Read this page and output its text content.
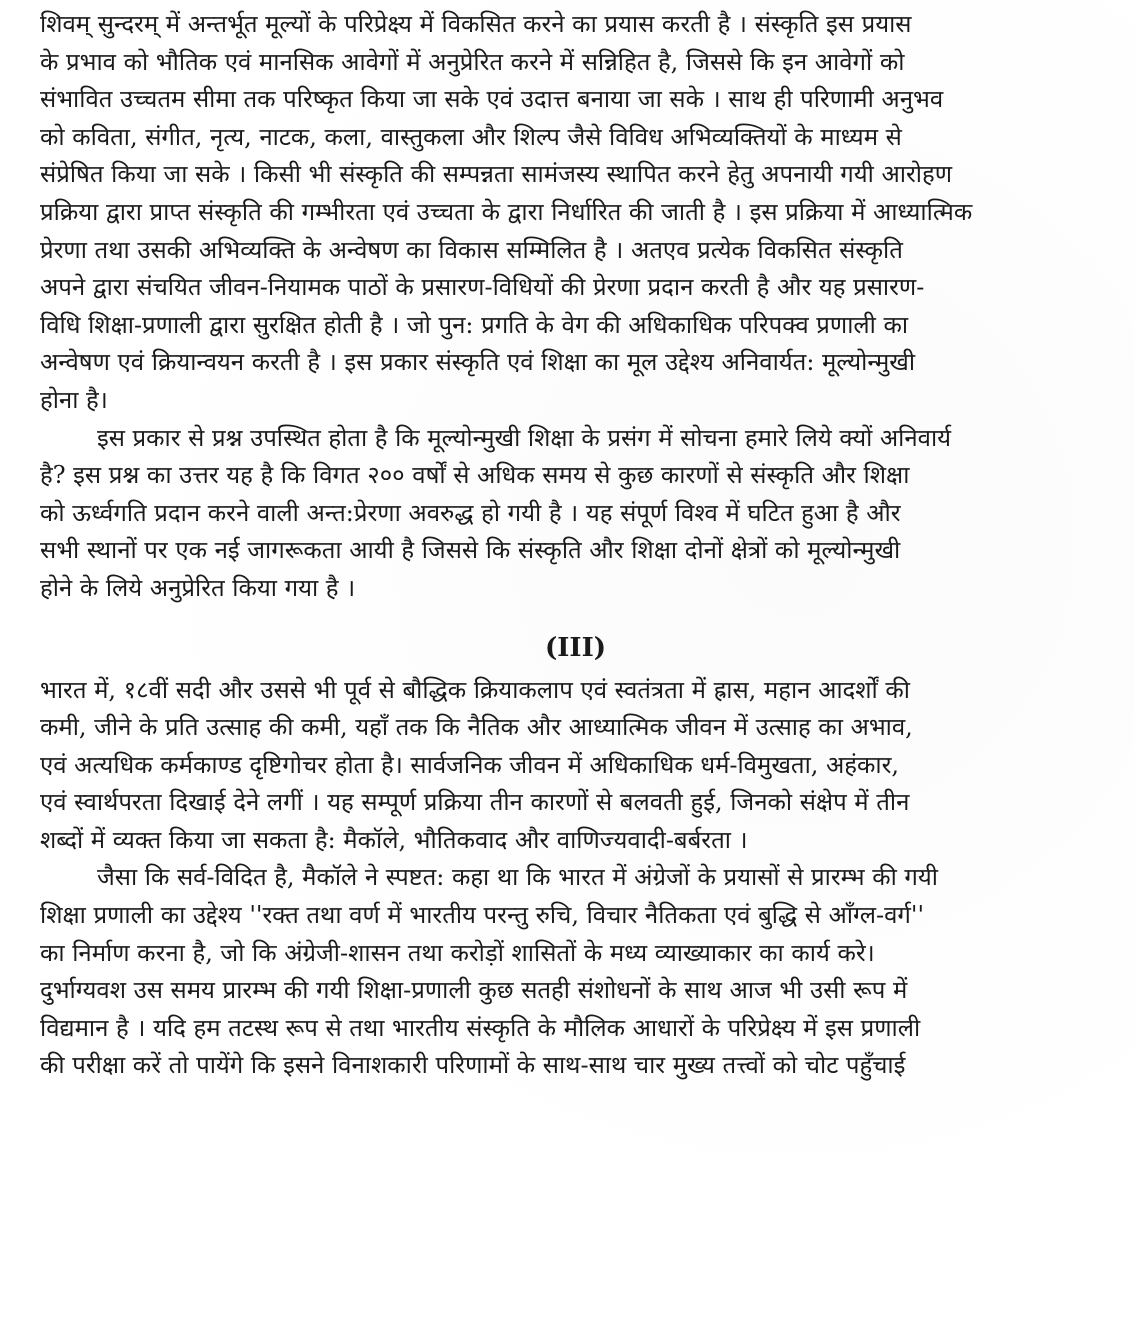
शिवम् सुन्दरम् में अन्तर्भूत मूल्यों के परिप्रेक्ष्य में विकसित करने का प्रयास करती है । संस्कृति इस प्रयास
के प्रभाव को भौतिक एवं मानसिक आवेगों में अनुप्रेरित करने में सन्निहित है, जिससे कि इन आवेगों को
संभावित उच्चतम सीमा तक परिष्कृत किया जा सके एवं उदात्त बनाया जा सके । साथ ही परिणामी अनुभव
को कविता, संगीत, नृत्य, नाटक, कला, वास्तुकला और शिल्प जैसे विविध अभिव्यक्तियों के माध्यम से
संप्रेषित किया जा सके । किसी भी संस्कृति की सम्पन्नता सामंजस्य स्थापित करने हेतु अपनायी गयी आरोहण
प्रक्रिया द्वारा प्राप्त संस्कृति की गम्भीरता एवं उच्चता के द्वारा निर्धारित की जाती है । इस प्रक्रिया में आध्यात्मिक
प्रेरणा तथा उसकी अभिव्यक्ति के अन्वेषण का विकास सम्मिलित है । अतएव प्रत्येक विकसित संस्कृति
अपने द्वारा संचयित जीवन-नियामक पाठों के प्रसारण-विधियों की प्रेरणा प्रदान करती है और यह प्रसारण-
विधि शिक्षा-प्रणाली द्वारा सुरक्षित होती है । जो पुन: प्रगति के वेग की अधिकाधिक परिपक्व प्रणाली का
अन्वेषण एवं क्रियान्वयन करती है । इस प्रकार संस्कृति एवं शिक्षा का मूल उद्देश्य अनिवार्यत: मूल्योन्मुखी
होना है।
इस प्रकार से प्रश्न उपस्थित होता है कि मूल्योन्मुखी शिक्षा के प्रसंग में सोचना हमारे लिये क्यों अनिवार्य
है? इस प्रश्न का उत्तर यह है कि विगत २०० वर्षों से अधिक समय से कुछ कारणों से संस्कृति और शिक्षा
को ऊर्ध्वगति प्रदान करने वाली अन्त:प्रेरणा अवरुद्ध हो गयी है । यह संपूर्ण विश्व में घटित हुआ है और
सभी स्थानों पर एक नई जागरूकता आयी है जिससे कि संस्कृति और शिक्षा दोनों क्षेत्रों को मूल्योन्मुखी
होने के लिये अनुप्रेरित किया गया है ।
(III)
भारत में, १८वीं सदी और उससे भी पूर्व से बौद्धिक क्रियाकलाप एवं स्वतंत्रता में ह्रास, महान आदर्शों की
कमी, जीने के प्रति उत्साह की कमी, यहाँ तक कि नैतिक और आध्यात्मिक जीवन में उत्साह का अभाव,
एवं अत्यधिक कर्मकाण्ड दृष्टिगोचर होता है। सार्वजनिक जीवन में अधिकाधिक धर्म-विमुखता, अहंकार,
एवं स्वार्थपरता दिखाई देने लगीं । यह सम्पूर्ण प्रक्रिया तीन कारणों से बलवती हुई, जिनको संक्षेप में तीन
शब्दों में व्यक्त किया जा सकता है: मैकॉले, भौतिकवाद और वाणिज्यवादी-बर्बरता ।
जैसा कि सर्व-विदित है, मैकॉले ने स्पष्टत: कहा था कि भारत में अंग्रेजों के प्रयासों से प्रारम्भ की गयी
शिक्षा प्रणाली का उद्देश्य ''रक्त तथा वर्ण में भारतीय परन्तु रुचि, विचार नैतिकता एवं बुद्धि से आँग्ल-वर्ग''
का निर्माण करना है, जो कि अंग्रेजी-शासन तथा करोड़ों शासितों के मध्य व्याख्याकार का कार्य करे।
दुर्भाग्यवश उस समय प्रारम्भ की गयी शिक्षा-प्रणाली कुछ सतही संशोधनों के साथ आज भी उसी रूप में
विद्यमान है । यदि हम तटस्थ रूप से तथा भारतीय संस्कृति के मौलिक आधारों के परिप्रेक्ष्य में इस प्रणाली
की परीक्षा करें तो पायेंगे कि इसने विनाशकारी परिणामों के साथ-साथ चार मुख्य तत्त्वों को चोट पहुँचाई
